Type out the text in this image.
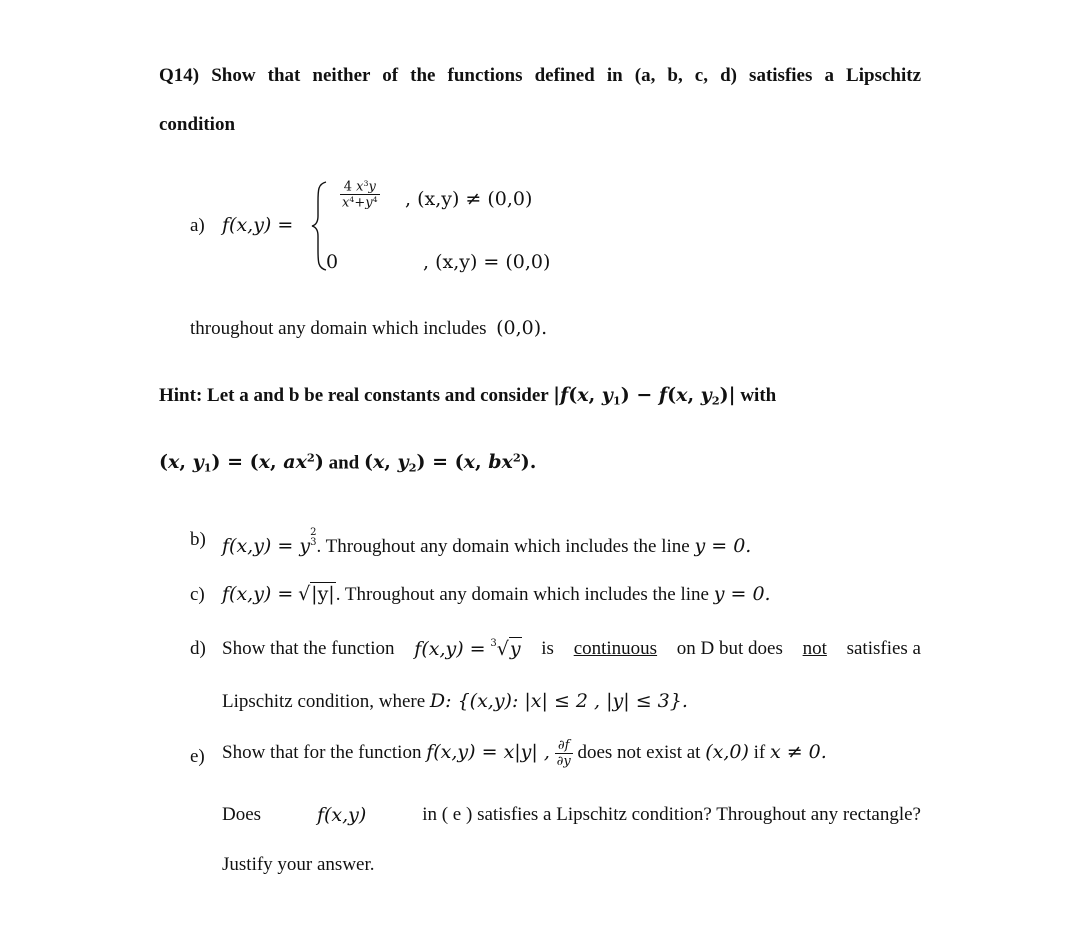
Q14) Show that neither of the functions defined in (a, b, c, d) satisfies a Lipschitz
condition
a) f(x,y) =
$\frac{4 x^3y}{x^4+y^4}$ , (x,y) ≠ (0,0)
0	, (x,y) = (0,0)
throughout any domain which includes (0,0).
Hint: Let a and b be real constants and consider |f(x, $y_1) - f(x$, $y_2)|$ with
(x, $y_1) = (x$, $ax^2$) and (x, $y_2) = (x$, $bx^2$).
b) f(x,y) = y
2
3 . Throughout any domain which includes the line y = 0.
c) f(x,y) = √|y|. Throughout any domain which includes the line y = 0.
d) Show that the function f(x,y) = $^3$√y is continuous on D but does not satisfies a
Lipschitz condition, where D: {(x,y): |x| ≤ 2 , |y| ≤ 3}.
e) Show that for the function f(x,y) = x|y| , $\frac{\partial f}{\partial y}$ does not exist at (x,0) if x ≠ 0.
Does	f(x,y)	in ( e ) satisfies a Lipschitz condition? Throughout any rectangle?
Justify your answer.
